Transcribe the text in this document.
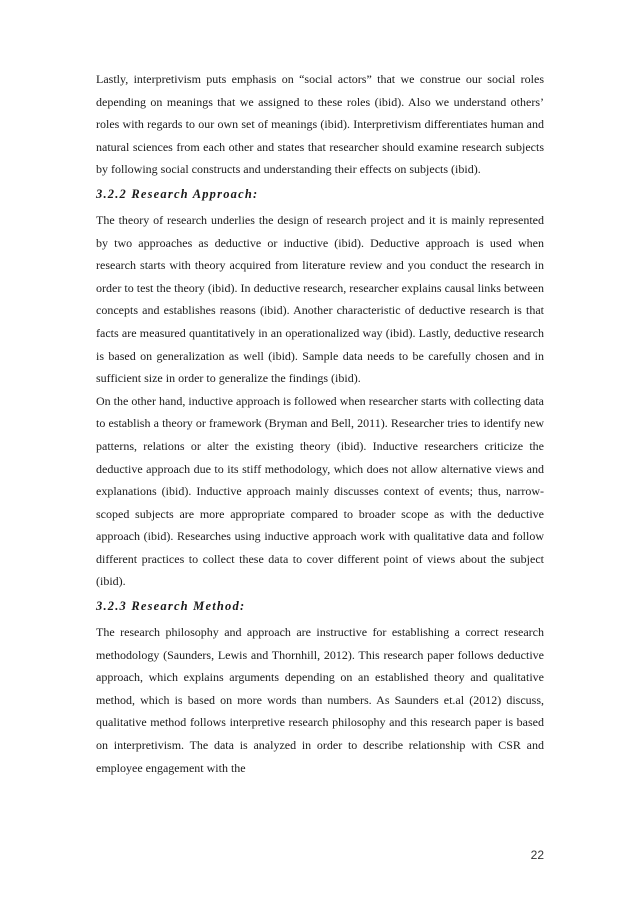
Lastly, interpretivism puts emphasis on “social actors” that we construe our social roles depending on meanings that we assigned to these roles (ibid). Also we understand others’ roles with regards to our own set of meanings (ibid). Interpretivism differentiates human and natural sciences from each other and states that researcher should examine research subjects by following social constructs and understanding their effects on subjects (ibid).

3.2.2 Research Approach:

The theory of research underlies the design of research project and it is mainly represented by two approaches as deductive or inductive (ibid). Deductive approach is used when research starts with theory acquired from literature review and you conduct the research in order to test the theory (ibid). In deductive research, researcher explains causal links between concepts and establishes reasons (ibid). Another characteristic of deductive research is that facts are measured quantitatively in an operationalized way (ibid). Lastly, deductive research is based on generalization as well (ibid). Sample data needs to be carefully chosen and in sufficient size in order to generalize the findings (ibid).

On the other hand, inductive approach is followed when researcher starts with collecting data to establish a theory or framework (Bryman and Bell, 2011). Researcher tries to identify new patterns, relations or alter the existing theory (ibid). Inductive researchers criticize the deductive approach due to its stiff methodology, which does not allow alternative views and explanations (ibid). Inductive approach mainly discusses context of events; thus, narrow-scoped subjects are more appropriate compared to broader scope as with the deductive approach (ibid). Researches using inductive approach work with qualitative data and follow different practices to collect these data to cover different point of views about the subject (ibid).

3.2.3 Research Method:

The research philosophy and approach are instructive for establishing a correct research methodology (Saunders, Lewis and Thornhill, 2012). This research paper follows deductive approach, which explains arguments depending on an established theory and qualitative method, which is based on more words than numbers. As Saunders et.al (2012) discuss, qualitative method follows interpretive research philosophy and this research paper is based on interpretivism. The data is analyzed in order to describe relationship with CSR and employee engagement with the

22
